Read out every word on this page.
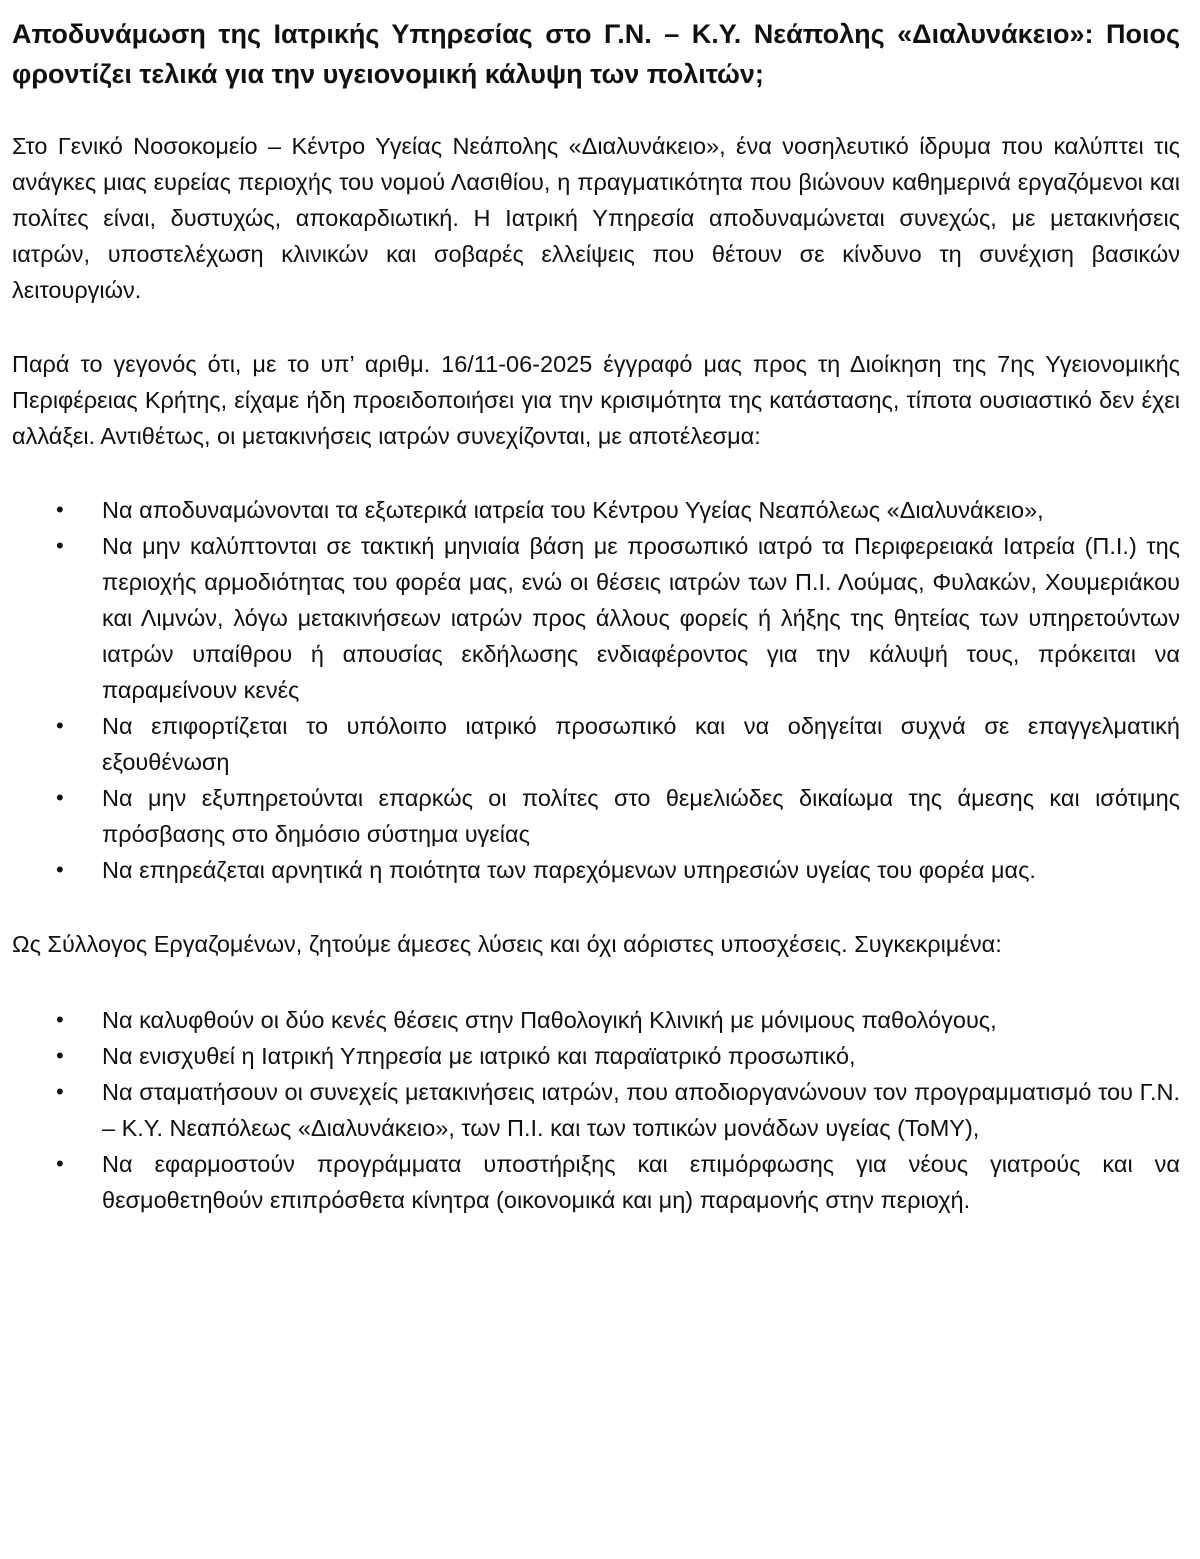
Αποδυνάμωση της Ιατρικής Υπηρεσίας στο Γ.Ν. – Κ.Υ. Νεάπολης «Διαλυνάκειο»: Ποιος φροντίζει τελικά για την υγειονομική κάλυψη των πολιτών;

Στο Γενικό Νοσοκομείο – Κέντρο Υγείας Νεάπολης «Διαλυνάκειο», ένα νοσηλευτικό ίδρυμα που καλύπτει τις ανάγκες μιας ευρείας περιοχής του νομού Λασιθίου, η πραγματικότητα που βιώνουν καθημερινά εργαζόμενοι και πολίτες είναι, δυστυχώς, αποκαρδιωτική. Η Ιατρική Υπηρεσία αποδυναμώνεται συνεχώς, με μετακινήσεις ιατρών, υποστελέχωση κλινικών και σοβαρές ελλείψεις που θέτουν σε κίνδυνο τη συνέχιση βασικών λειτουργιών.

Παρά το γεγονός ότι, με το υπ’ αριθμ. 16/11-06-2025 έγγραφό μας προς τη Διοίκηση της 7ης Υγειονομικής Περιφέρειας Κρήτης, είχαμε ήδη προειδοποιήσει για την κρισιμότητα της κατάστασης, τίποτα ουσιαστικό δεν έχει αλλάξει. Αντιθέτως, οι μετακινήσεις ιατρών συνεχίζονται, με αποτέλεσμα:

• Να αποδυναμώνονται τα εξωτερικά ιατρεία του Κέντρου Υγείας Νεαπόλεως «Διαλυνάκειο»,
• Να μην καλύπτονται σε τακτική μηνιαία βάση με προσωπικό ιατρό τα Περιφερειακά Ιατρεία (Π.Ι.) της περιοχής αρμοδιότητας του φορέα μας, ενώ οι θέσεις ιατρών των Π.Ι. Λούμας, Φυλακών, Χουμεριάκου και Λιμνών, λόγω μετακινήσεων ιατρών προς άλλους φορείς ή λήξης της θητείας των υπηρετούντων ιατρών υπαίθρου ή απουσίας εκδήλωσης ενδιαφέροντος για την κάλυψή τους, πρόκειται να παραμείνουν κενές
• Να επιφορτίζεται το υπόλοιπο ιατρικό προσωπικό και να οδηγείται συχνά σε επαγγελματική εξουθένωση
• Να μην εξυπηρετούνται επαρκώς οι πολίτες στο θεμελιώδες δικαίωμα της άμεσης και ισότιμης πρόσβασης στο δημόσιο σύστημα υγείας
• Να επηρεάζεται αρνητικά η ποιότητα των παρεχόμενων υπηρεσιών υγείας του φορέα μας.

Ως Σύλλογος Εργαζομένων, ζητούμε άμεσες λύσεις και όχι αόριστες υποσχέσεις. Συγκεκριμένα:

• Να καλυφθούν οι δύο κενές θέσεις στην Παθολογική Κλινική με μόνιμους παθολόγους,
• Να ενισχυθεί η Ιατρική Υπηρεσία με ιατρικό και παραϊατρικό προσωπικό,
• Να σταματήσουν οι συνεχείς μετακινήσεις ιατρών, που αποδιοργανώνουν τον προγραμματισμό του Γ.Ν. – Κ.Υ. Νεαπόλεως «Διαλυνάκειο», των Π.Ι. και των τοπικών μονάδων υγείας (ΤοΜΥ),
• Να εφαρμοστούν προγράμματα υποστήριξης και επιμόρφωσης για νέους γιατρούς και να θεσμοθετηθούν επιπρόσθετα κίνητρα (οικονομικά και μη) παραμονής στην περιοχή.
